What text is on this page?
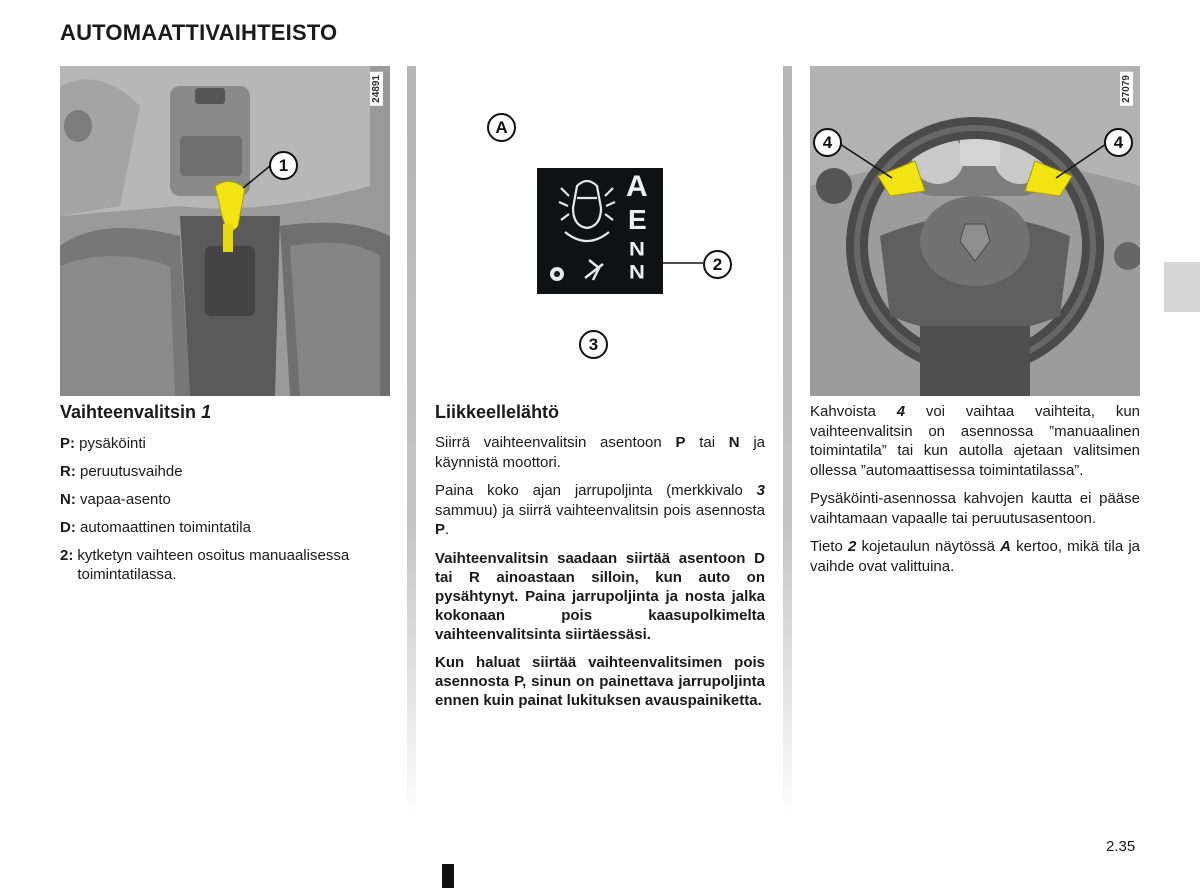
AUTOMAATTIVAIHTEISTO
24891
1
A
A
E
N
N	2
3
27079
4	4
Vaihteenvalitsin 1
P: pysäköinti
R: peruutusvaihde
N: vapaa-asento
D: automaattinen toimintatila
2: kytketyn vaihteen osoitus manuaalisessa toimintatilassa.
Liikkeellelähtö

Siirrä vaihteenvalitsin asentoon P tai N ja käynnistä moottori.

Paina koko ajan jarrupoljinta (merkkivalo 3 sammuu) ja siirrä vaihteenvalitsin pois asennosta P.

Vaihteenvalitsin saadaan siirtää asentoon D tai R ainoastaan silloin, kun auto on pysähtynyt. Paina jarrupoljinta ja nosta jalka kokonaan pois kaasupolkimelta vaihteenvalitsinta siirtäessäsi.

Kun haluat siirtää vaihteenvalitsimen pois asennosta P, sinun on painettava jarrupoljinta ennen kuin painat lukituksen avauspainiketta.

Kahvoista 4 voi vaihtaa vaihteita, kun vaihteenvalitsin on asennossa ”manuaalinen toimintatila” tai kun autolla ajetaan valitsimen ollessa ”automaattisessa toimintatilassa”.

Pysäköinti-asennossa kahvojen kautta ei pääse vaihtamaan vapaalle tai peruutusasentoon.

Tieto 2 kojetaulun näytössä A kertoo, mikä tila ja vaihde ovat valittuina.

2.35
